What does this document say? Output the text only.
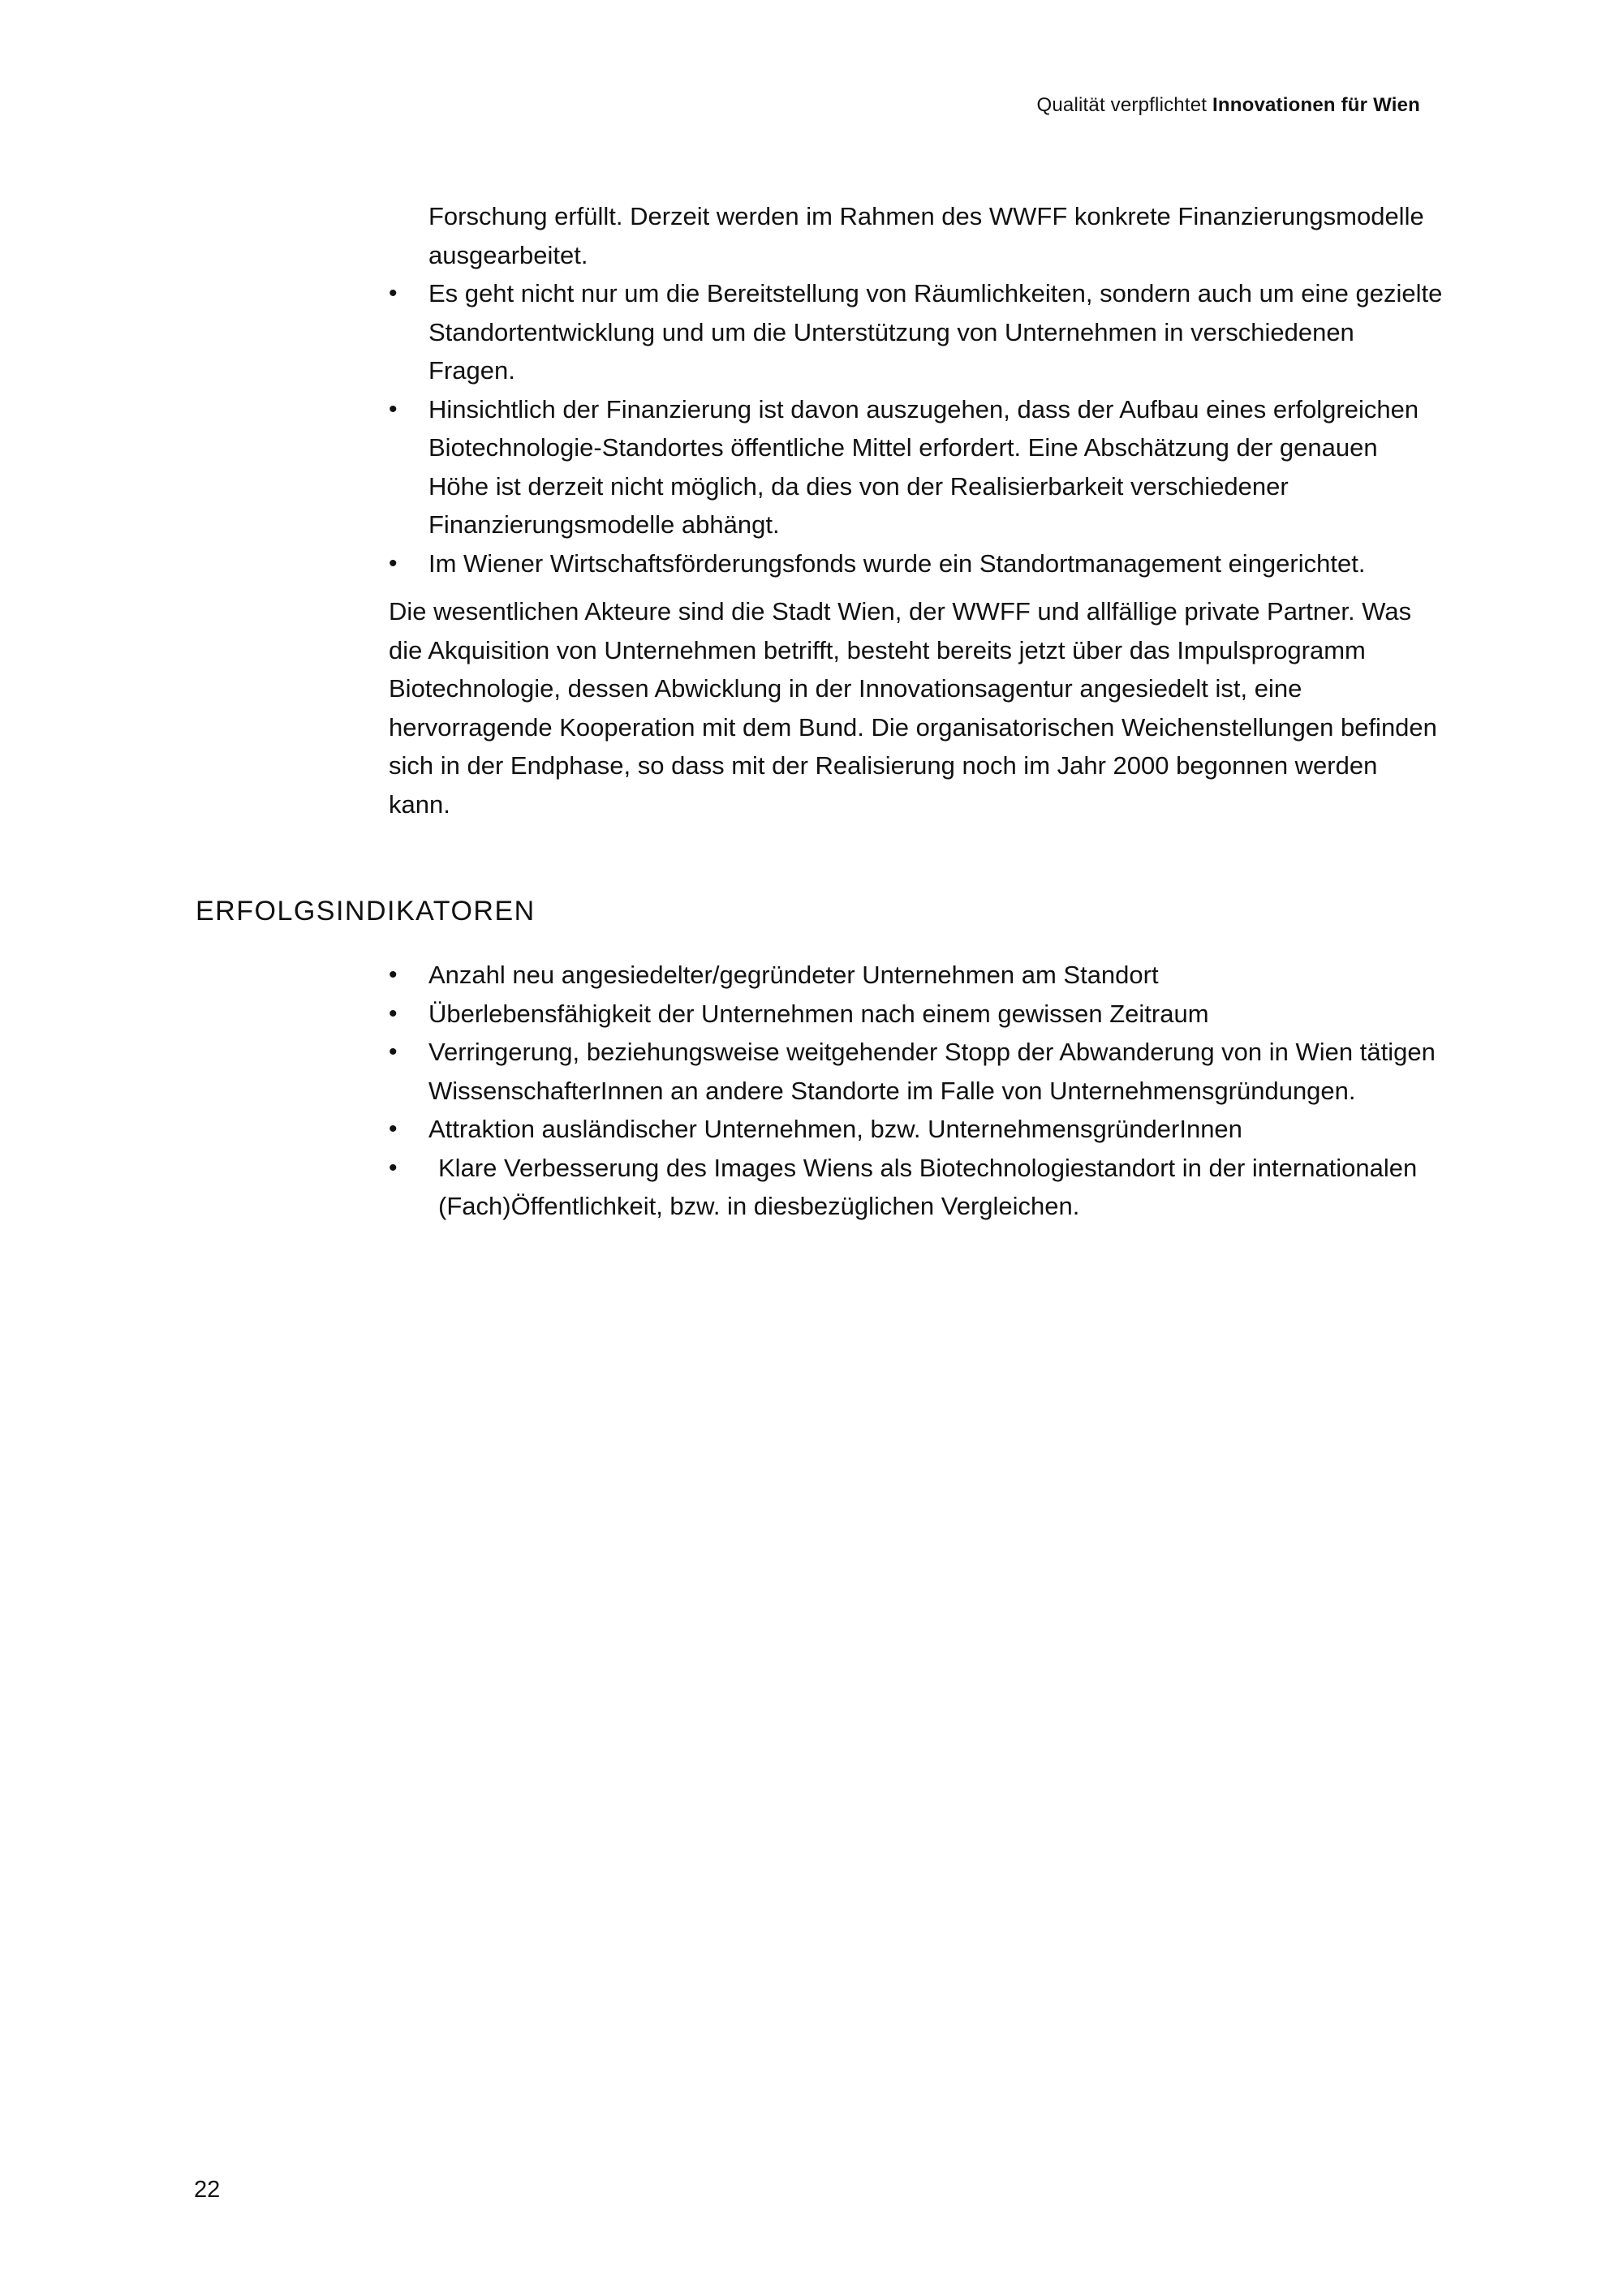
Qualität verpflichtet Innovationen für Wien

Forschung erfüllt. Derzeit werden im Rahmen des WWFF konkrete Finanzierungsmodelle ausgearbeitet.

•	Es geht nicht nur um die Bereitstellung von Räumlichkeiten, sondern auch um eine gezielte Standortentwicklung und um die Unterstützung von Unternehmen in verschiedenen Fragen.
•	Hinsichtlich der Finanzierung ist davon auszugehen, dass der Aufbau eines erfolgreichen Biotechnologie-Standortes öffentliche Mittel erfordert. Eine Abschätzung der genauen Höhe ist derzeit nicht möglich, da dies von der Realisierbarkeit verschiedener Finanzierungsmodelle abhängt.
•	Im Wiener Wirtschaftsförderungsfonds wurde ein Standortmanagement eingerichtet.

Die wesentlichen Akteure sind die Stadt Wien, der WWFF und allfällige private Partner. Was die Akquisition von Unternehmen betrifft, besteht bereits jetzt über das Impulsprogramm Biotechnologie, dessen Abwicklung in der Innovationsagentur angesiedelt ist, eine hervorragende Kooperation mit dem Bund. Die organisatorischen Weichenstellungen befinden sich in der Endphase, so dass mit der Realisierung noch im Jahr 2000 begonnen werden kann.

ERFOLGSINDIKATOREN
•	Anzahl neu angesiedelter/gegründeter Unternehmen am Standort
•	Überlebensfähigkeit der Unternehmen nach einem gewissen Zeitraum
•	Verringerung, beziehungsweise weitgehender Stopp der Abwanderung von in Wien tätigen WissenschafterInnen an andere Standorte im Falle von Unternehmensgründungen.
•	Attraktion ausländischer Unternehmen, bzw. UnternehmensgründerInnen
•	Klare Verbesserung des Images Wiens als Biotechnologiestandort in der internationalen (Fach)Öffentlichkeit, bzw. in diesbezüglichen Vergleichen.
22
